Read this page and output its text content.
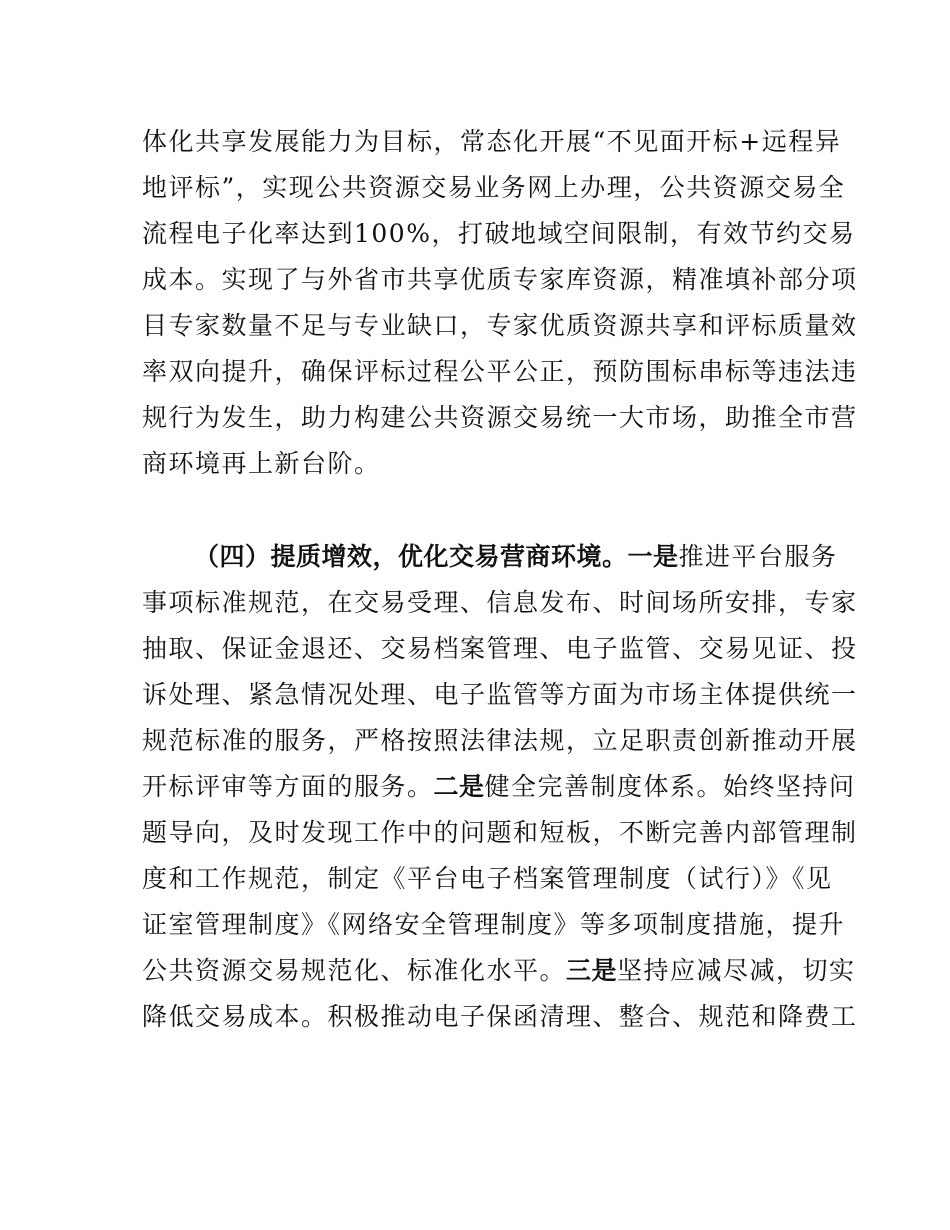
体化共享发展能力为目标，常态化开展“不见面开标+远程异
地评标”，实现公共资源交易业务网上办理，公共资源交易全
流程电子化率达到100%，打破地域空间限制，有效节约交易
成本。实现了与外省市共享优质专家库资源，精准填补部分项
目专家数量不足与专业缺口，专家优质资源共享和评标质量效
率双向提升，确保评标过程公平公正，预防围标串标等违法违
规行为发生，助力构建公共资源交易统一大市场，助推全市营
商环境再上新台阶。
（四）提质增效，优化交易营商环境。一是推进平台服务
事项标准规范，在交易受理、信息发布、时间场所安排，专家
抽取、保证金退还、交易档案管理、电子监管、交易见证、投
诉处理、紧急情况处理、电子监管等方面为市场主体提供统一
规范标准的服务，严格按照法律法规，立足职责创新推动开展
开标评审等方面的服务。二是健全完善制度体系。始终坚持问
题导向，及时发现工作中的问题和短板，不断完善内部管理制
度和工作规范，制定《平台电子档案管理制度（试行）》《见
证室管理制度》《网络安全管理制度》等多项制度措施，提升
公共资源交易规范化、标准化水平。三是坚持应减尽减，切实
降低交易成本。积极推动电子保函清理、整合、规范和降费工
